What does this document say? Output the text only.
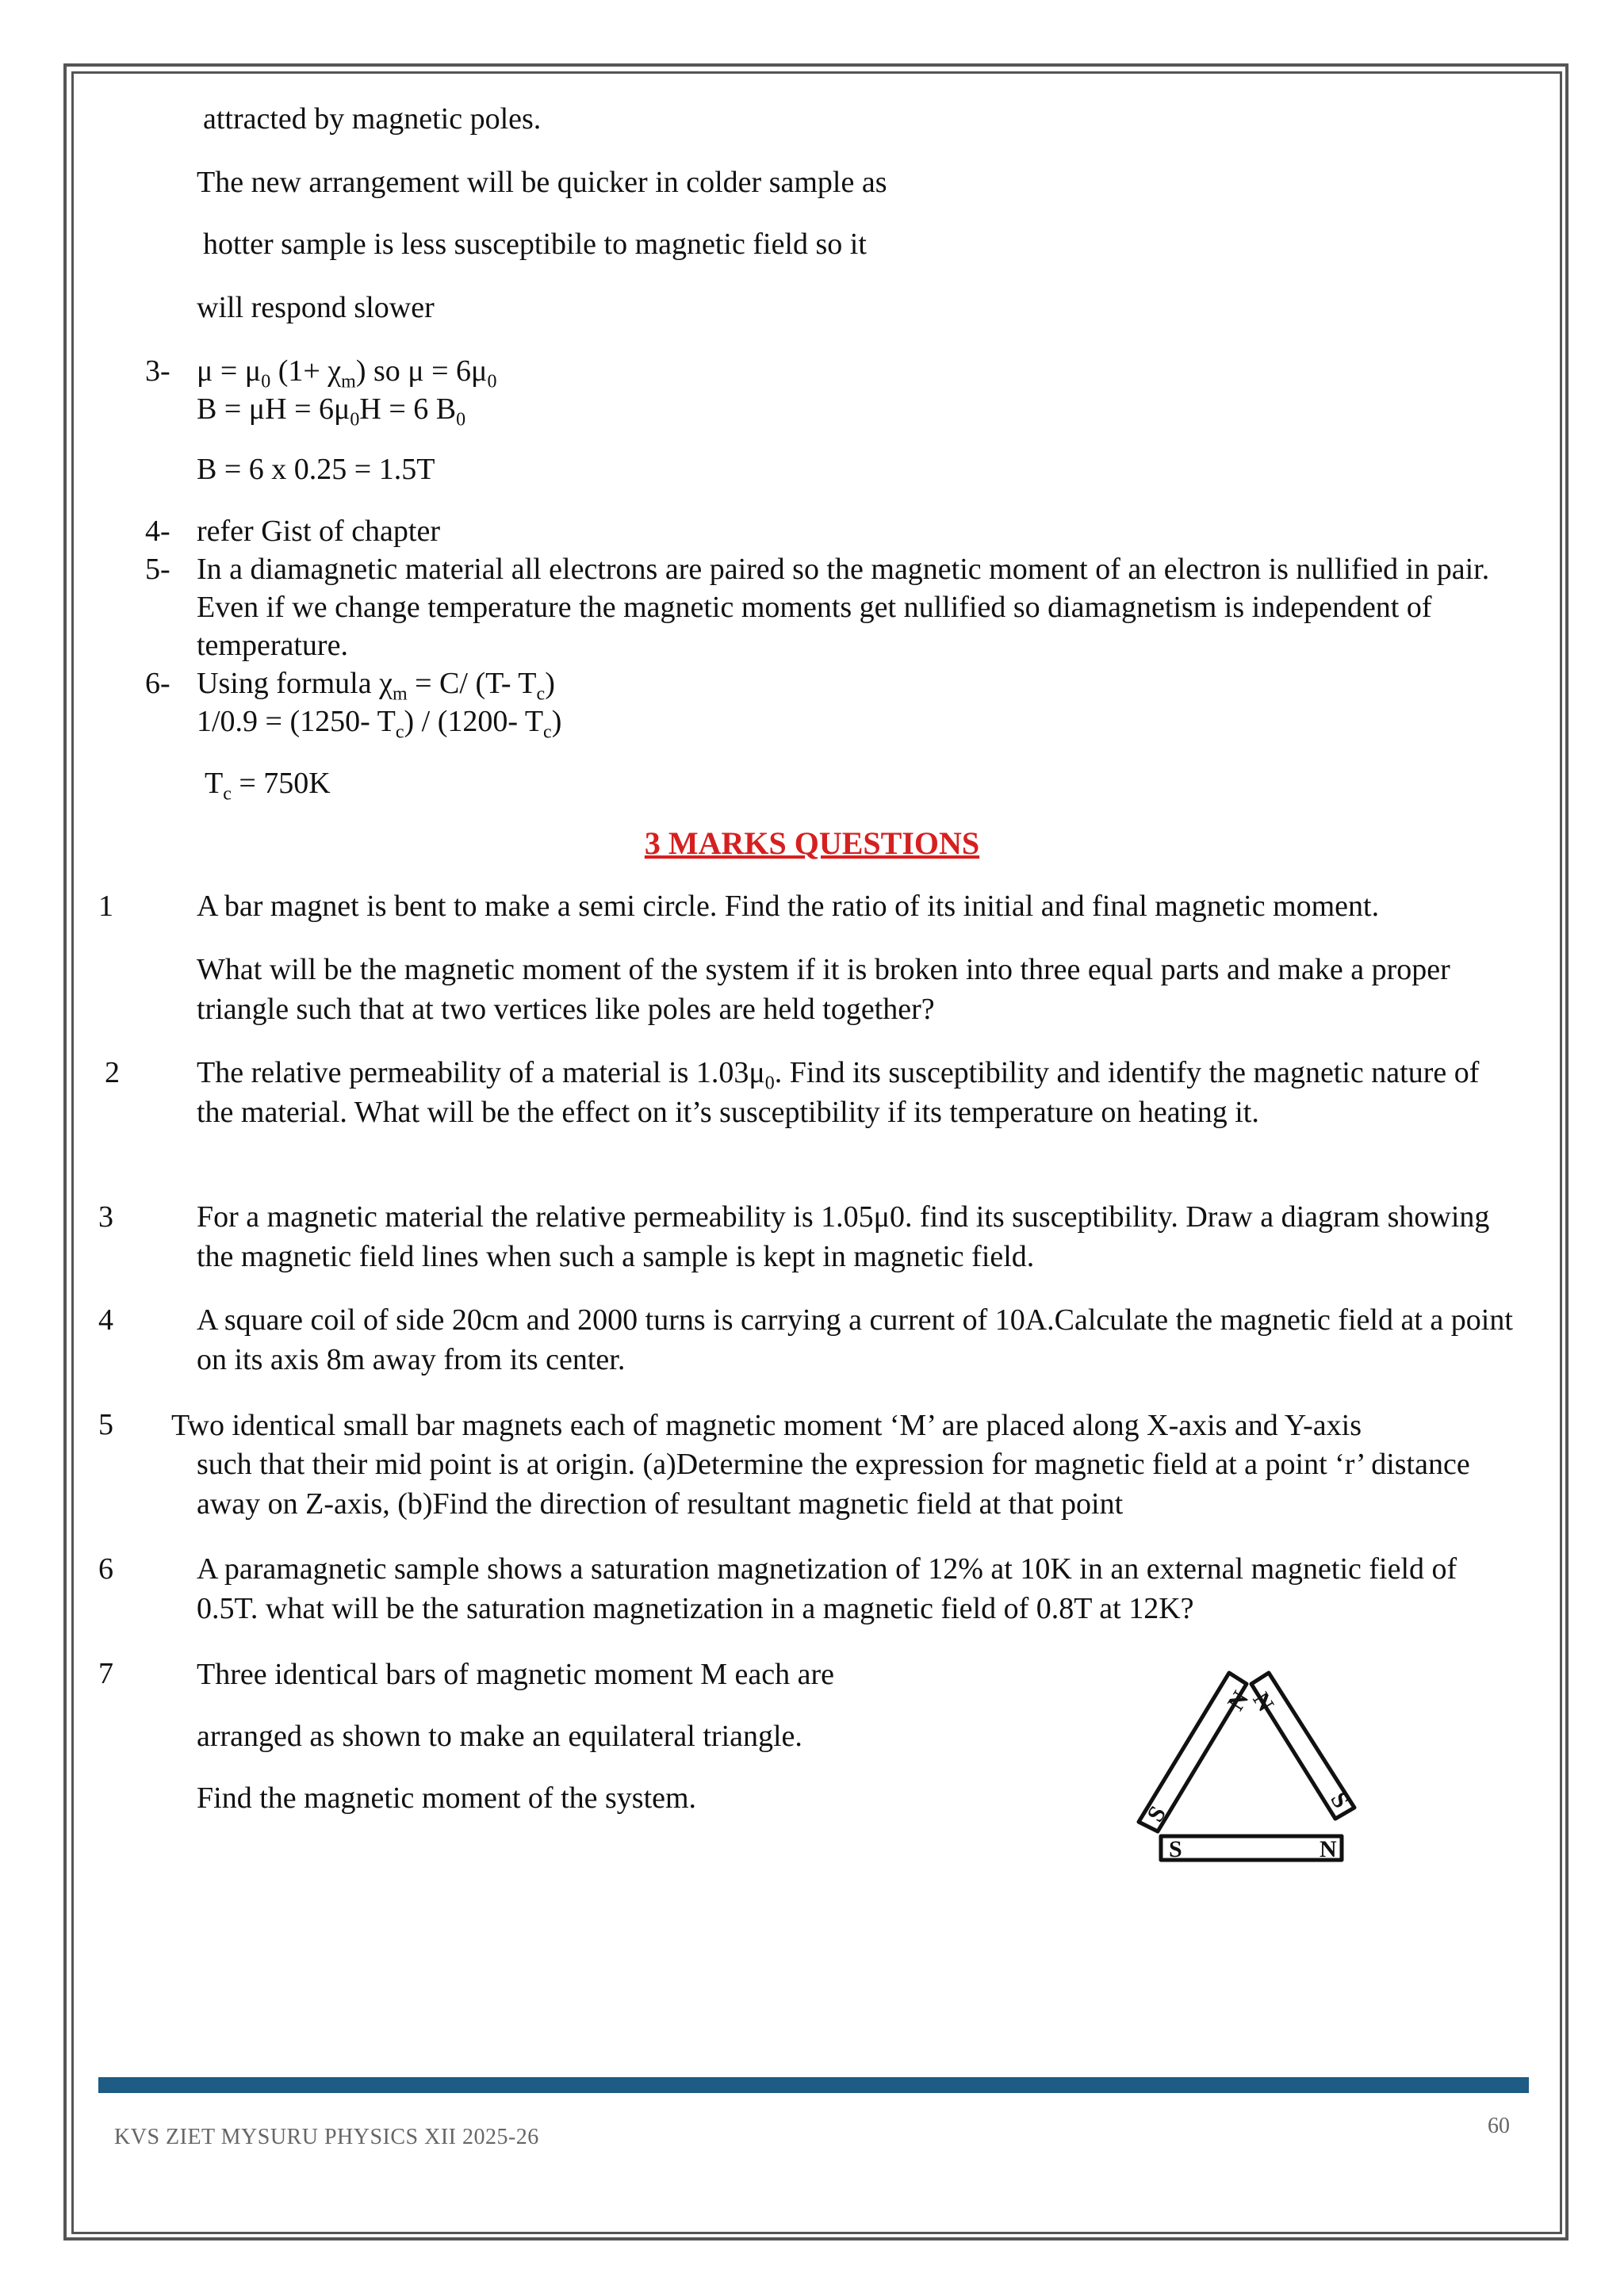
attracted by magnetic poles.

The new arrangement will be quicker in colder sample as

hotter sample is less susceptibile to magnetic field so it

will respond slower

3- $\mu = \mu_0$ $(1+ \chi_m)$ so $\mu = 6\mu_0$

$B = \mu H = 6\mu_0H = 6$ $B_0$

B = 6 x 0.25 = 1.5T

4- refer Gist of chapter

5- In a diamagnetic material all electrons are paired so the magnetic moment of an electron is nullified in pair. Even if we change temperature the magnetic moments get nullified so diamagnetism is independent of temperature.
6- Using formula $\chi_m = C/$ (T- $T_c$)

1/0.9 = (1250- $T_c) / (1200-$ $T_c$)

$T_c = 750K$

3 MARKS QUESTIONS
1	A bar magnet is bent to make a semi circle. Find the ratio of its initial and final magnetic moment.
What will be the magnetic moment of the system if it is broken into three equal parts and make a proper triangle such that at two vertices like poles are held together?
2	The relative permeability of a material is $1.03\mu_0$. Find its susceptibility and identify the magnetic nature of the material. What will be the effect on it’s susceptibility if its temperature on heating it.
3	For a magnetic material the relative permeability is 1.05μ0. find its susceptibility. Draw a diagram showing the magnetic field lines when such a sample is kept in magnetic field.
4	A square coil of side 20cm and 2000 turns is carrying a current of 10A.Calculate the magnetic field at a point on its axis 8m away from its center.
5 Two identical small bar magnets each of magnetic moment ‘M’ are placed along X-axis and Y-axis

such that their mid point is at origin. (a)Determine the expression for magnetic field at a point ‘r’ distance away on Z-axis, (b)Find the direction of resultant magnetic field at that point
6	A paramagnetic sample shows a saturation magnetization of 12% at 10K in an external magnetic field of 0.5T. what will be the saturation magnetization in a magnetic field of 0.8T at 12K?
7	Three identical bars of magnetic moment M each are

arranged as shown to make an equilateral triangle.

Find the magnetic moment of the system.

N
S
N
S
S	N
KVS ZIET MYSURU PHYSICS XII 2025-26	60
